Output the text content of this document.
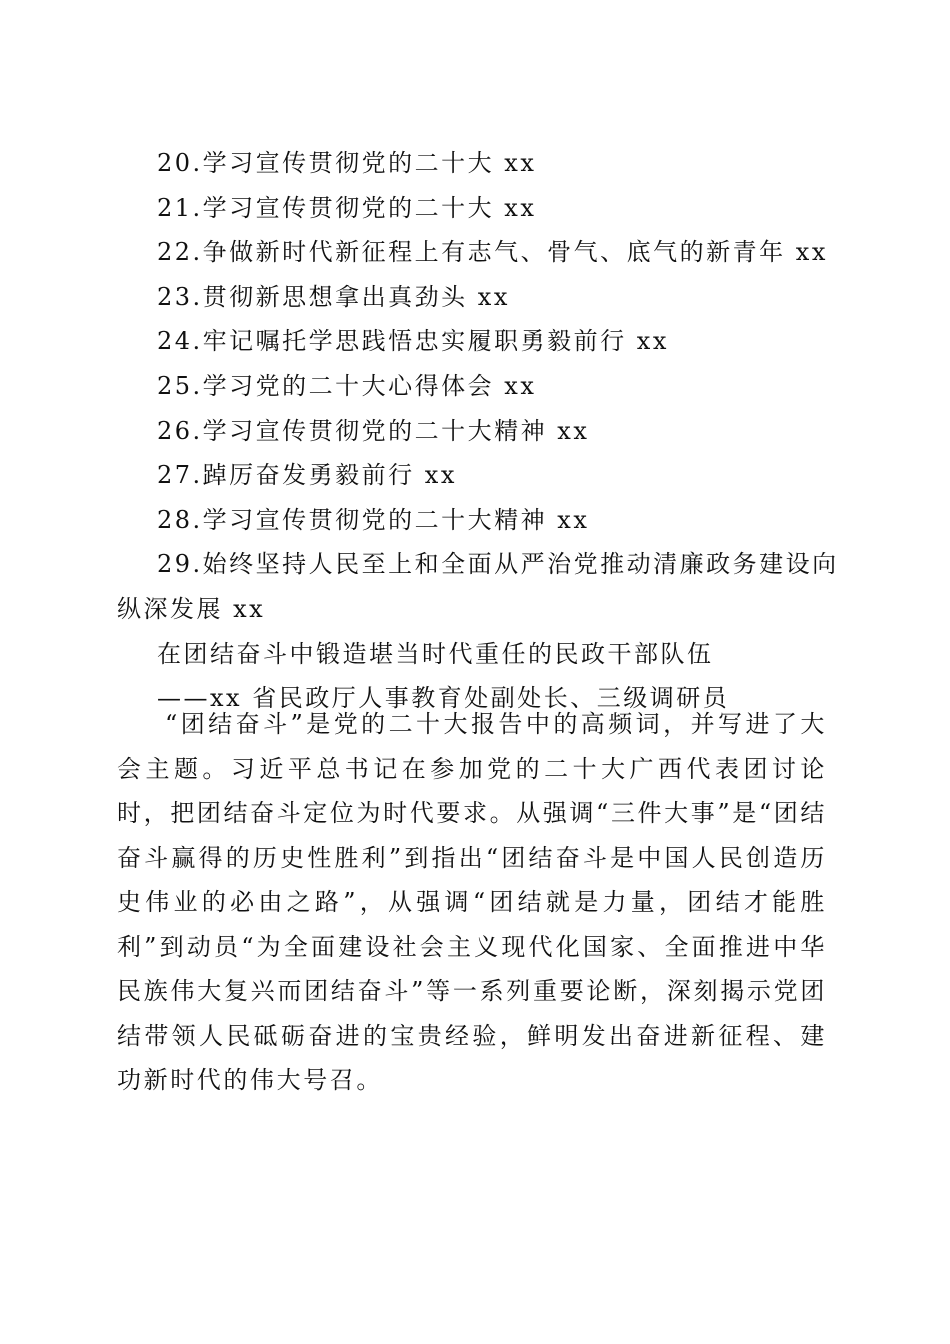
20.学习宣传贯彻党的二十大 xx
21.学习宣传贯彻党的二十大 xx
22.争做新时代新征程上有志气、骨气、底气的新青年 xx
23.贯彻新思想拿出真劲头 xx
24.牢记嘱托学思践悟忠实履职勇毅前行 xx
25.学习党的二十大心得体会 xx
26.学习宣传贯彻党的二十大精神 xx
27.踔厉奋发勇毅前行 xx
28.学习宣传贯彻党的二十大精神 xx
29.始终坚持人民至上和全面从严治党推动清廉政务建设向
纵深发展 xx
在团结奋斗中锻造堪当时代重任的民政干部队伍
——xx 省民政厅人事教育处副处长、三级调研员
“团结奋斗”是党的二十大报告中的高频词，并写进了大会主题。习近平总书记在参加党的二十大广西代表团讨论时，把团结奋斗定位为时代要求。从强调“三件大事”是“团结奋斗赢得的历史性胜利”到指出“团结奋斗是中国人民创造历史伟业的必由之路”，从强调“团结就是力量，团结才能胜利”到动员“为全面建设社会主义现代化国家、全面推进中华民族伟大复兴而团结奋斗”等一系列重要论断，深刻揭示党团结带领人民砥砺奋进的宝贵经验，鲜明发出奋进新征程、建功新时代的伟大号召。
